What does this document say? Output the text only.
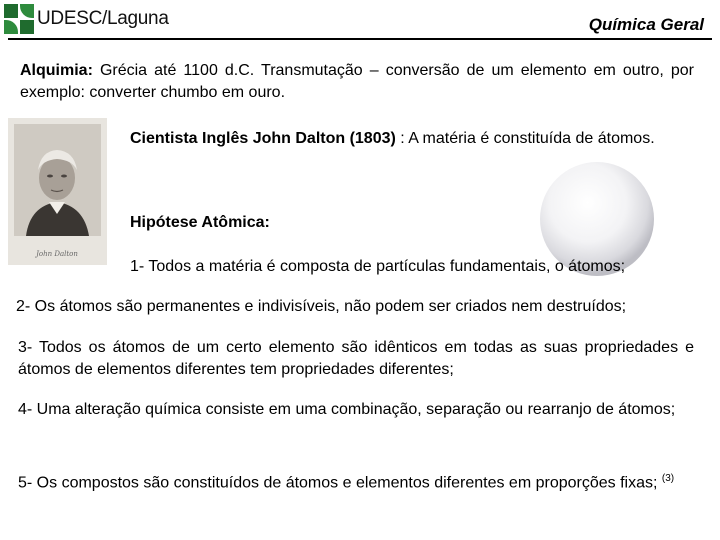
UDESC/Laguna	Química Geral
Alquimia: Grécia até 1100 d.C. Transmutação – conversão de um elemento em outro, por exemplo: converter chumbo em ouro.
John Dalton
Cientista Inglês John Dalton (1803) : A matéria é constituída de átomos.
Hipótese Atômica:
1- Todos a matéria é composta de partículas fundamentais, o átomos;
2- Os átomos são permanentes e indivisíveis, não podem ser criados nem destruídos;
3- Todos os átomos de um certo elemento são idênticos em todas as suas propriedades e átomos de elementos diferentes tem propriedades diferentes;
4- Uma alteração química consiste em uma combinação, separação ou rearranjo de átomos;
5- Os compostos são constituídos de átomos e elementos diferentes em proporções fixas; $^{(3)}$
